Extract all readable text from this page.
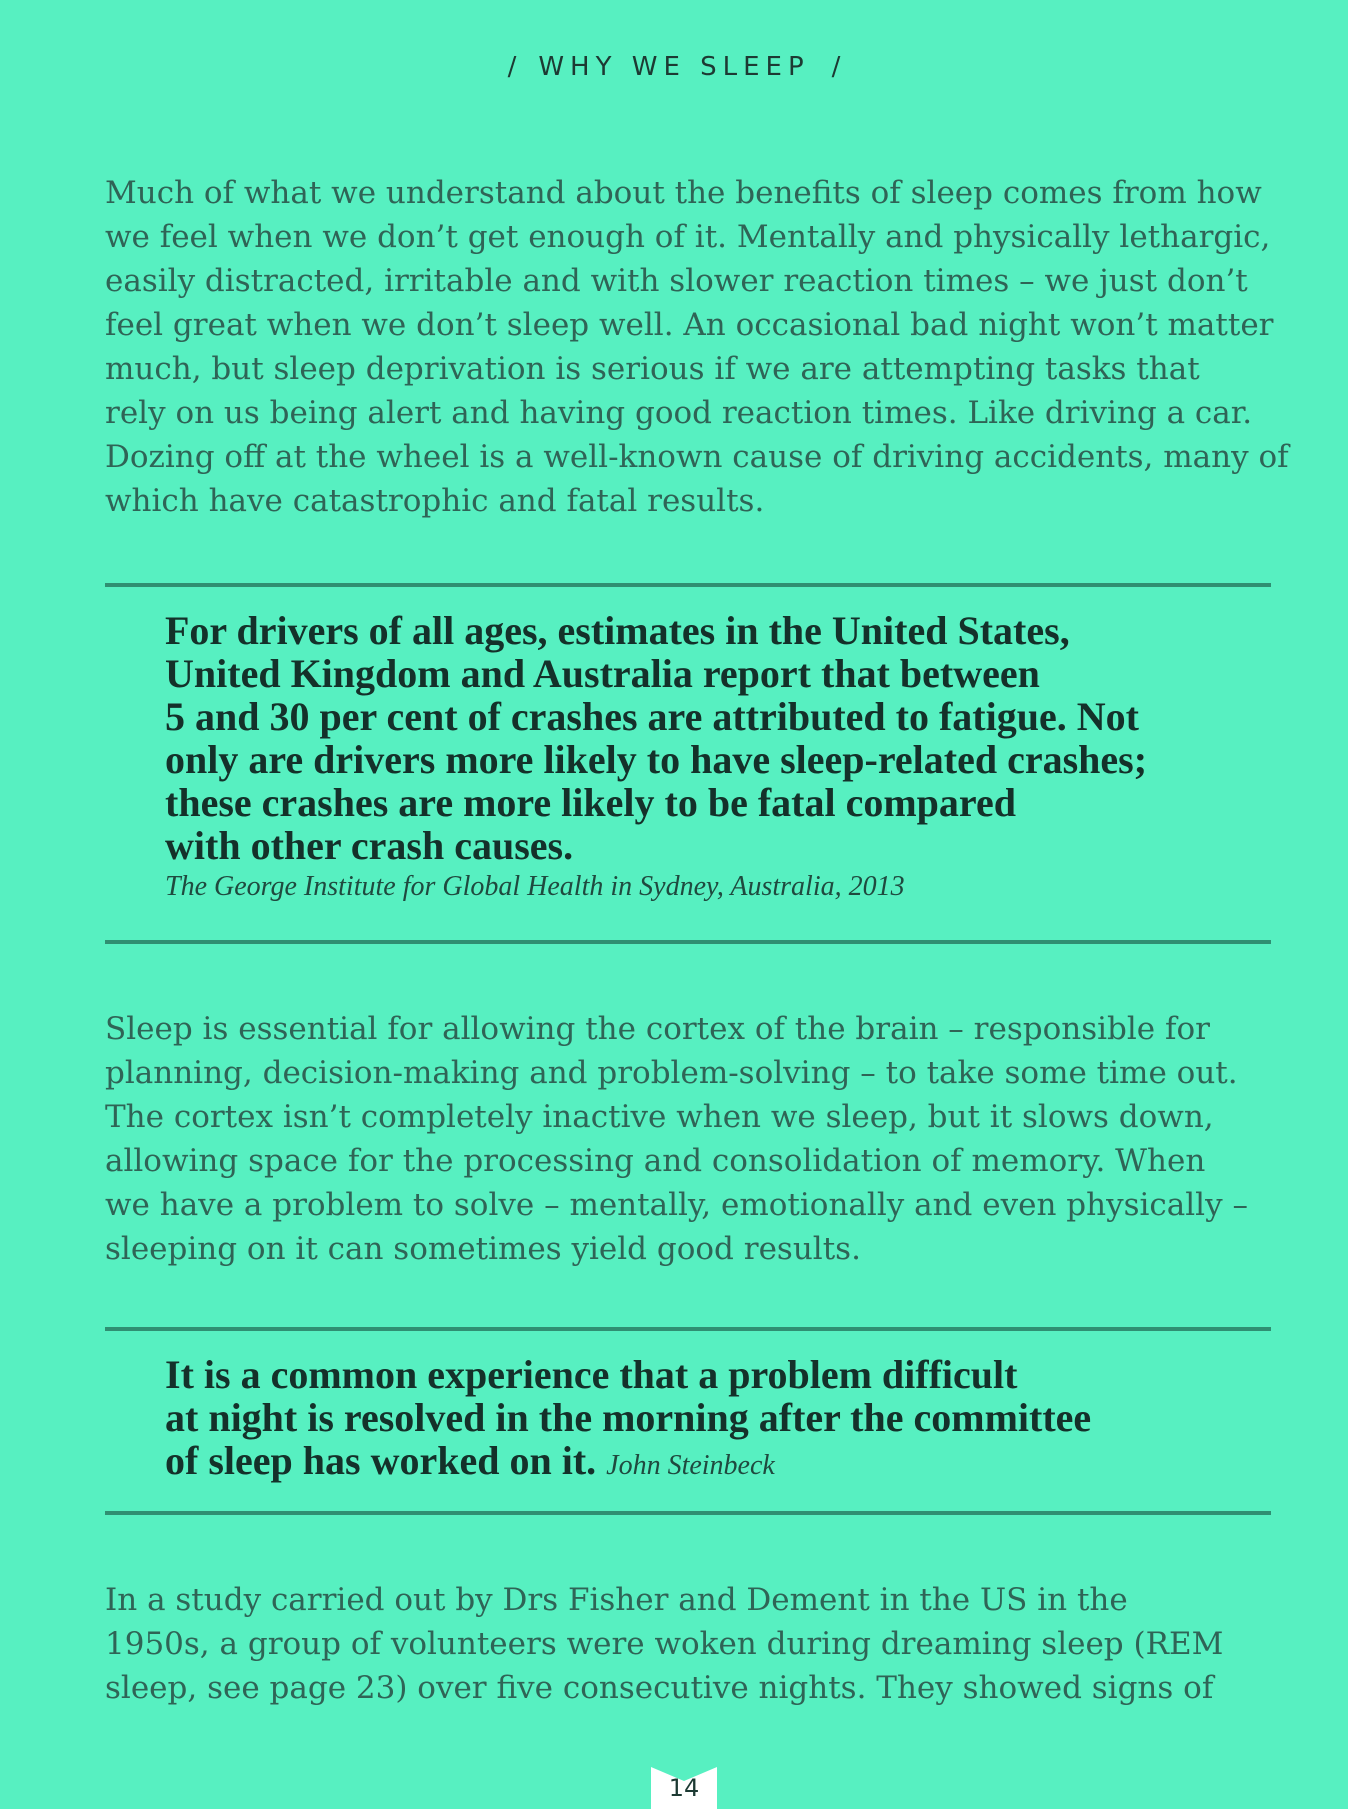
/ WHY WE SLEEP /

Much of what we understand about the benefits of sleep comes from how
we feel when we don’t get enough of it. Mentally and physically lethargic,
easily distracted, irritable and with slower reaction times – we just don’t
feel great when we don’t sleep well. An occasional bad night won’t matter
much, but sleep deprivation is serious if we are attempting tasks that
rely on us being alert and having good reaction times. Like driving a car.
Dozing off at the wheel is a well-known cause of driving accidents, many of
which have catastrophic and fatal results.

For drivers of all ages, estimates in the United States,
United Kingdom and Australia report that between
5 and 30 per cent of crashes are attributed to fatigue. Not
only are drivers more likely to have sleep-related crashes;
these crashes are more likely to be fatal compared
with other crash causes.
The George Institute for Global Health in Sydney, Australia, 2013

Sleep is essential for allowing the cortex of the brain – responsible for
planning, decision-making and problem-solving – to take some time out.
The cortex isn’t completely inactive when we sleep, but it slows down,
allowing space for the processing and consolidation of memory. When
we have a problem to solve – mentally, emotionally and even physically –
sleeping on it can sometimes yield good results.

It is a common experience that a problem difficult
at night is resolved in the morning after the committee
of sleep has worked on it. John Steinbeck

In a study carried out by Drs Fisher and Dement in the US in the
1950s, a group of volunteers were woken during dreaming sleep (REM
sleep, see page 23) over five consecutive nights. They showed signs of

14
